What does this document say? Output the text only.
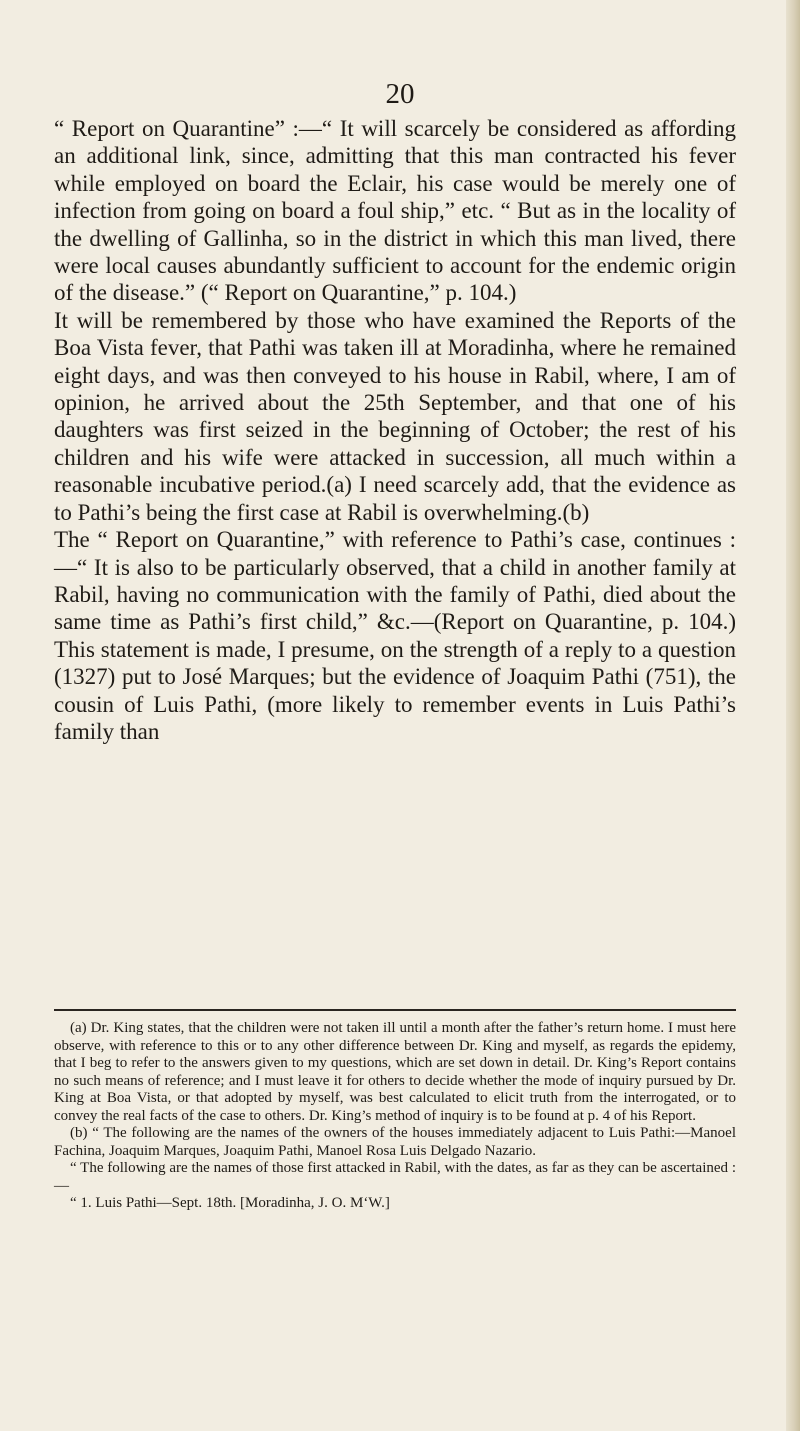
20

“ Report on Quarantine” :—“ It will scarcely be considered as affording an additional link, since, admitting that this man contracted his fever while employed on board the Eclair, his case would be merely one of infection from going on board a foul ship,” etc. “ But as in the locality of the dwelling of Gallinha, so in the district in which this man lived, there were local causes abundantly sufficient to account for the endemic origin of the disease.” (“ Report on Quarantine,” p. 104.)

It will be remembered by those who have examined the Reports of the Boa Vista fever, that Pathi was taken ill at Moradinha, where he remained eight days, and was then conveyed to his house in Rabil, where, I am of opinion, he arrived about the 25th September, and that one of his daughters was first seized in the beginning of October; the rest of his children and his wife were attacked in succession, all much within a reasonable incubative period.(a) I need scarcely add, that the evidence as to Pathi’s being the first case at Rabil is overwhelming.(b)

The “ Report on Quarantine,” with reference to Pathi’s case, continues :—“ It is also to be particularly observed, that a child in another family at Rabil, having no communication with the family of Pathi, died about the same time as Pathi’s first child,” &c.—(Report on Quarantine, p. 104.) This statement is made, I presume, on the strength of a reply to a question (1327) put to José Marques; but the evidence of Joaquim Pathi (751), the cousin of Luis Pathi, (more likely to remember events in Luis Pathi’s family than

(a) Dr. King states, that the children were not taken ill until a month after the father’s return home. I must here observe, with reference to this or to any other difference between Dr. King and myself, as regards the epidemy, that I beg to refer to the answers given to my questions, which are set down in detail. Dr. King’s Report contains no such means of reference; and I must leave it for others to decide whether the mode of inquiry pursued by Dr. King at Boa Vista, or that adopted by myself, was best calculated to elicit truth from the interrogated, or to convey the real facts of the case to others. Dr. King’s method of inquiry is to be found at p. 4 of his Report.

(b) “ The following are the names of the owners of the houses immediately adjacent to Luis Pathi:—Manoel Fachina, Joaquim Marques, Joaquim Pathi, Manoel Rosa Luis Delgado Nazario.

“ The following are the names of those first attacked in Rabil, with the dates, as far as they can be ascertained :—

“ 1. Luis Pathi—Sept. 18th. [Moradinha, J. O. M‘W.]
